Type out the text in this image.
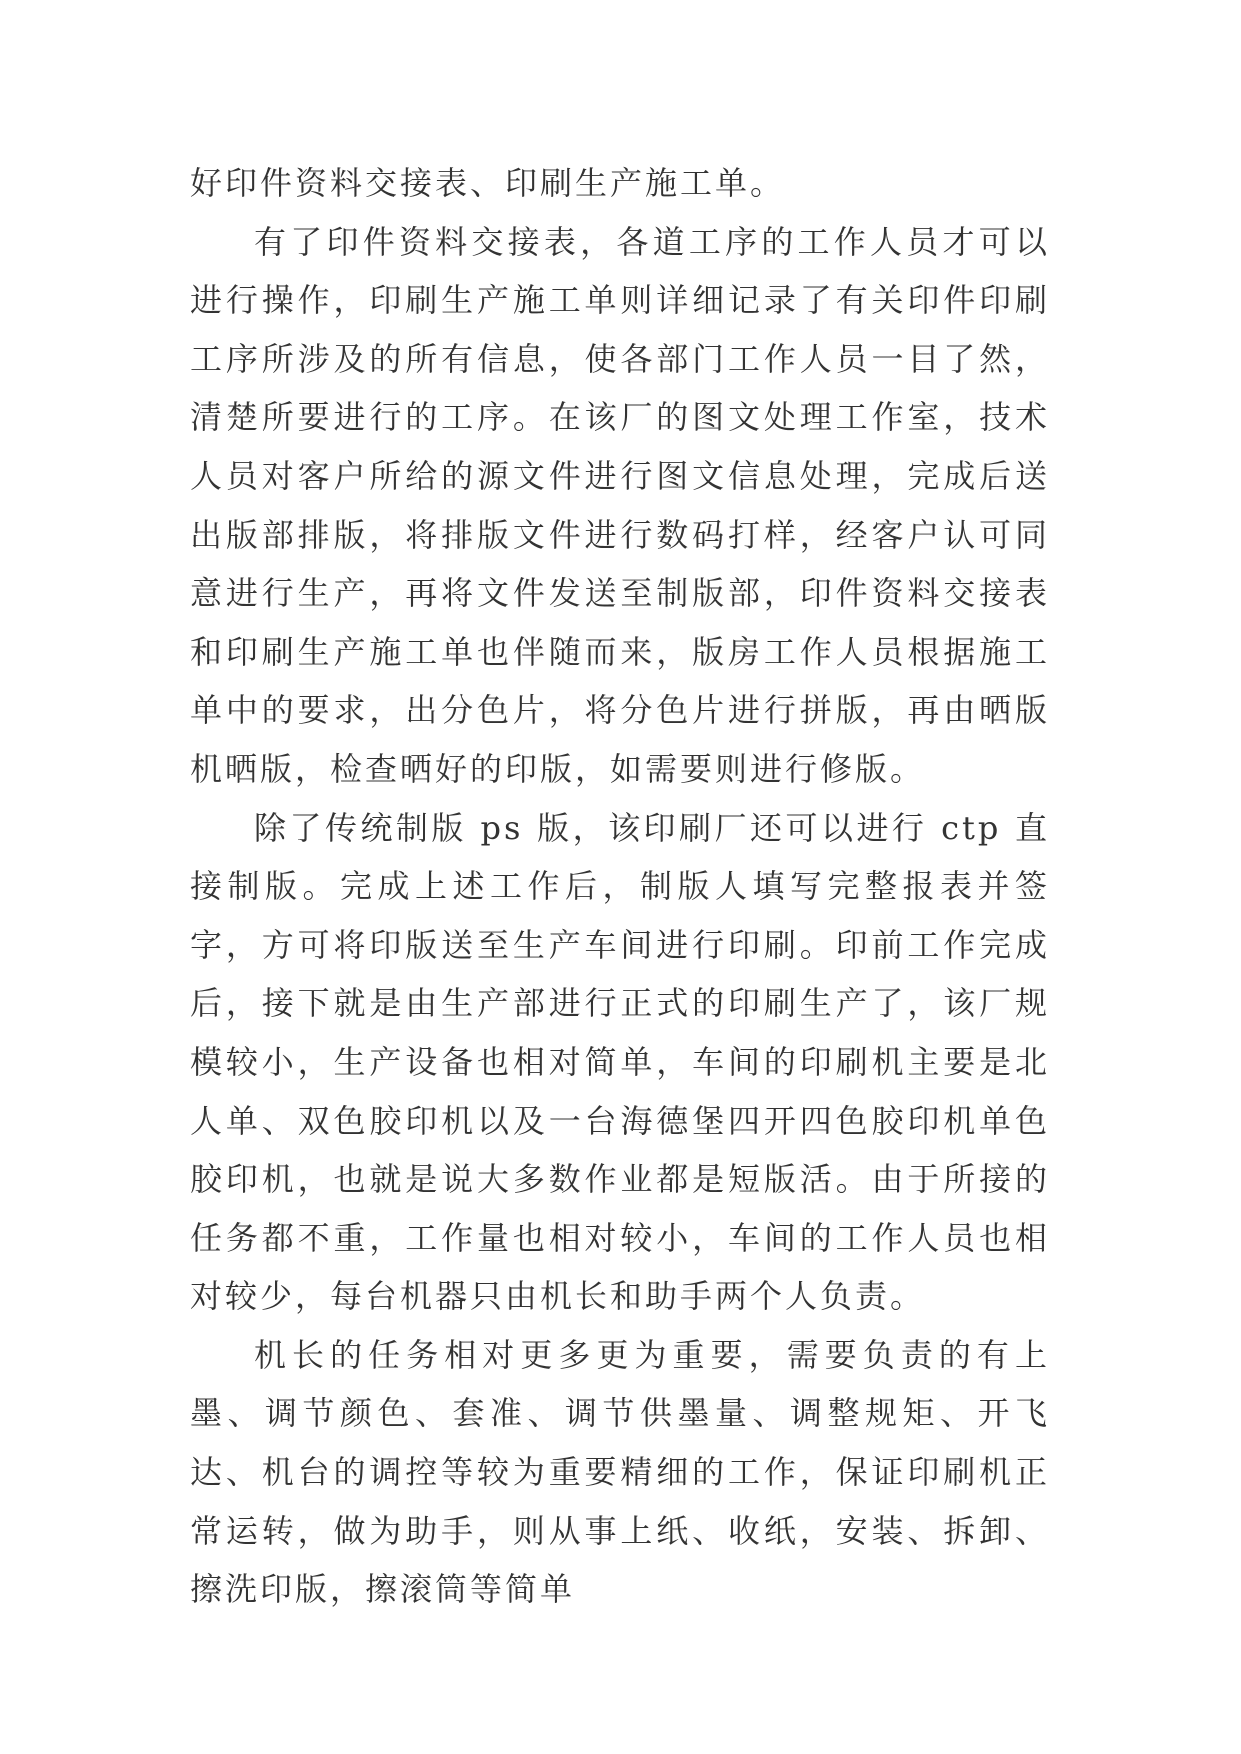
好印件资料交接表、印刷生产施工单。

有了印件资料交接表，各道工序的工作人员才可以进行操作，印刷生产施工单则详细记录了有关印件印刷工序所涉及的所有信息，使各部门工作人员一目了然，清楚所要进行的工序。在该厂的图文处理工作室，技术人员对客户所给的源文件进行图文信息处理，完成后送出版部排版，将排版文件进行数码打样，经客户认可同意进行生产，再将文件发送至制版部，印件资料交接表和印刷生产施工单也伴随而来，版房工作人员根据施工单中的要求，出分色片，将分色片进行拼版，再由晒版机晒版，检查晒好的印版，如需要则进行修版。

除了传统制版 ps 版，该印刷厂还可以进行 ctp 直接制版。完成上述工作后，制版人填写完整报表并签字，方可将印版送至生产车间进行印刷。印前工作完成后，接下就是由生产部进行正式的印刷生产了，该厂规模较小，生产设备也相对简单，车间的印刷机主要是北人单、双色胶印机以及一台海德堡四开四色胶印机单色胶印机，也就是说大多数作业都是短版活。由于所接的任务都不重，工作量也相对较小，车间的工作人员也相对较少，每台机器只由机长和助手两个人负责。

机长的任务相对更多更为重要，需要负责的有上墨、调节颜色、套准、调节供墨量、调整规矩、开飞达、机台的调控等较为重要精细的工作，保证印刷机正常运转，做为助手，则从事上纸、收纸，安装、拆卸、擦洗印版，擦滚筒等简单
